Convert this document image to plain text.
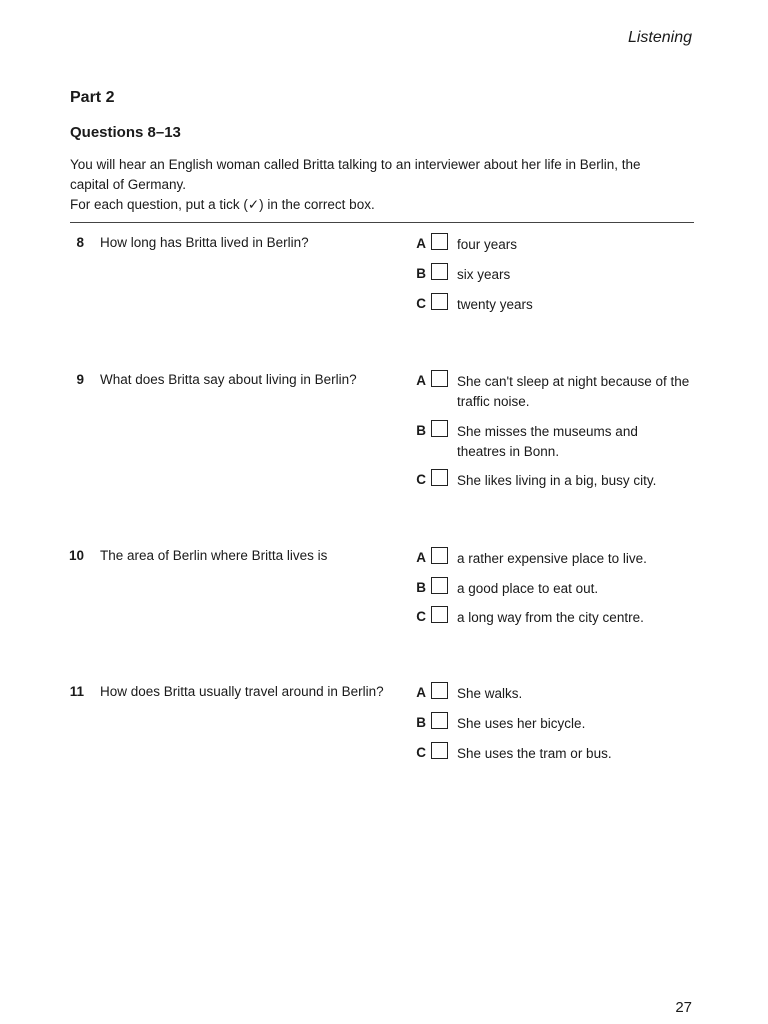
Listening
Part 2
Questions 8–13
You will hear an English woman called Britta talking to an interviewer about her life in Berlin, the
capital of Germany.
For each question, put a tick (✓) in the correct box.
8 How long has Britta lived in Berlin?	A four years
B six years
C twenty years
9 What does Britta say about living in Berlin?	A She can't sleep at night because of the traffic noise.
B She misses the museums and theatres in Bonn.
C She likes living in a big, busy city.
10 The area of Berlin where Britta lives is	A a rather expensive place to live.
B a good place to eat out.
C a long way from the city centre.
11 How does Britta usually travel around in Berlin?	A She walks.
B She uses her bicycle.
C She uses the tram or bus.
27
